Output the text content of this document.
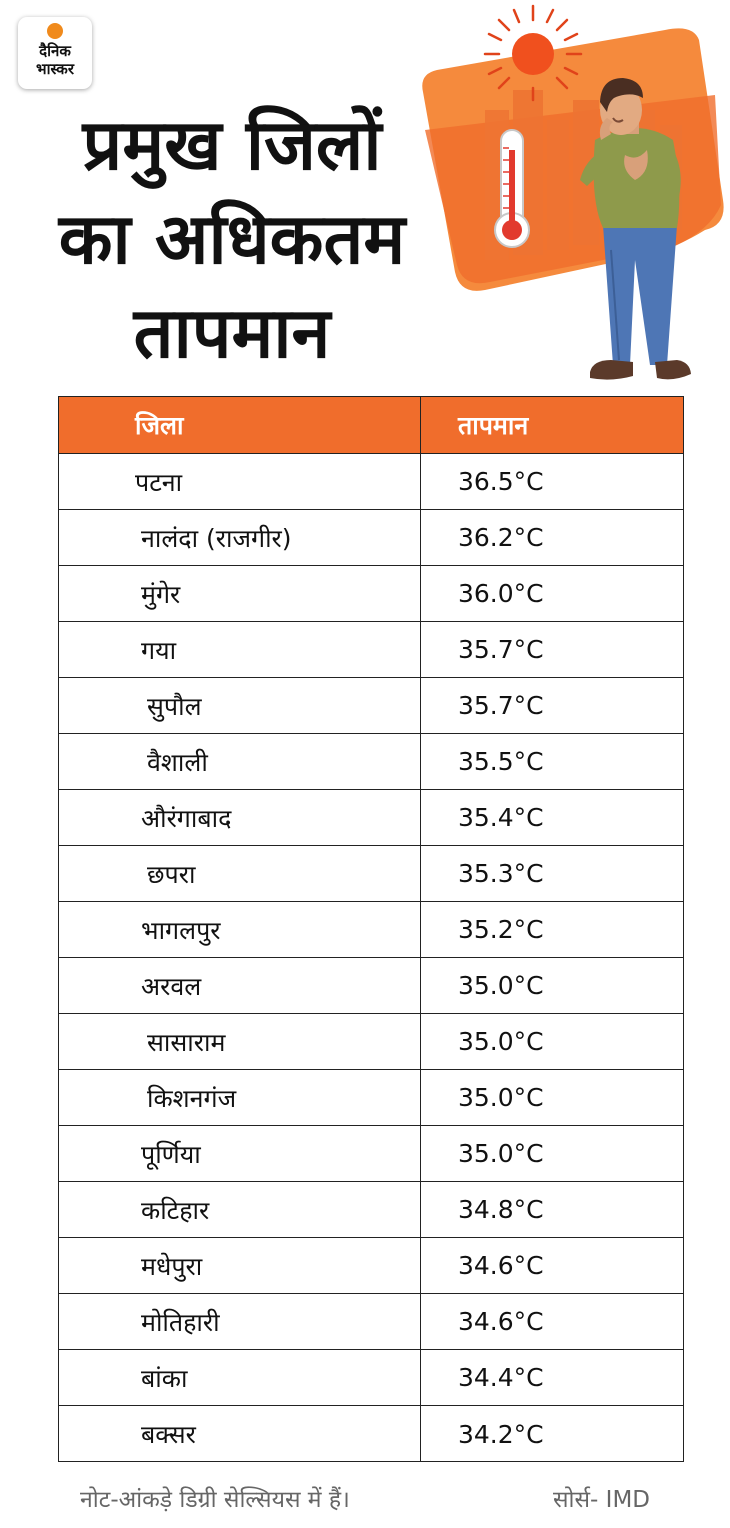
दैनिक
भास्कर
प्रमुख जिलों
का अधिकतम
तापमान
जिला	तापमान
पटना	36.5°C
नालंदा (राजगीर)	36.2°C
मुंगेर	36.0°C
गया	35.7°C
सुपौल	35.7°C
वैशाली	35.5°C
औरंगाबाद	35.4°C
छपरा	35.3°C
भागलपुर	35.2°C
अरवल	35.0°C
सासाराम	35.0°C
किशनगंज	35.0°C
पूर्णिया	35.0°C
कटिहार	34.8°C
मधेपुरा	34.6°C
मोतिहारी	34.6°C
बांका	34.4°C
बक्सर	34.2°C
नोट-आंकड़े डिग्री सेल्सियस में हैं।	सोर्स- IMD
